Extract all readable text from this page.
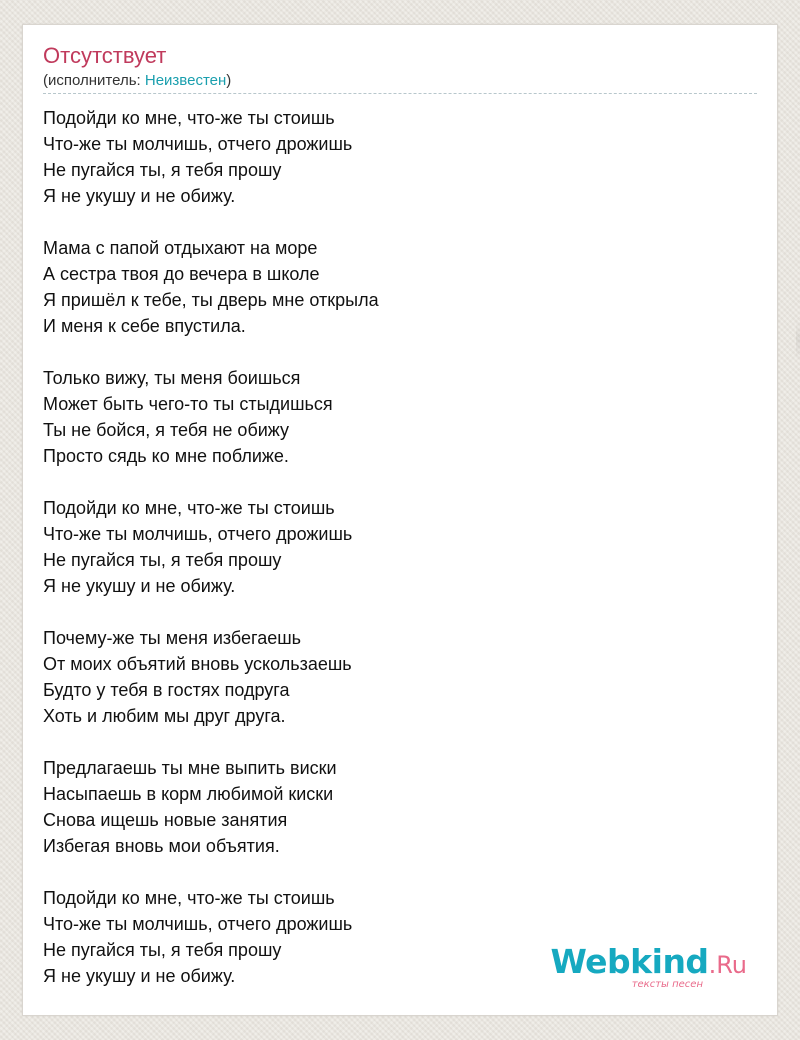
Отсутствует
(исполнитель: Неизвестен)
Подойди ко мне, что-же ты стоишь
Что-же ты молчишь, отчего дрожишь
Не пугайся ты, я тебя прошу
Я не укушу и не обижу.
Мама с папой отдыхают на море
А сестра твоя до вечера в школе
Я пришёл к тебе, ты дверь мне открыла
И меня к себе впустила.
Только вижу, ты меня боишься
Может быть чего-то ты стыдишься
Ты не бойся, я тебя не обижу
Просто сядь ко мне поближе.
Подойди ко мне, что-же ты стоишь
Что-же ты молчишь, отчего дрожишь
Не пугайся ты, я тебя прошу
Я не укушу и не обижу.
Почему-же ты меня избегаешь
От моих объятий вновь ускользаешь
Будто у тебя в гостях подруга
Хоть и любим мы друг друга.
Предлагаешь ты мне выпить виски
Насыпаешь в корм любимой киски
Снова ищешь новые занятия
Избегая вновь мои объятия.
Подойди ко мне, что-же ты стоишь
Что-же ты молчишь, отчего дрожишь
Не пугайся ты, я тебя прошу
Я не укушу и не обижу.	Webkind.Ru
тексты песен
